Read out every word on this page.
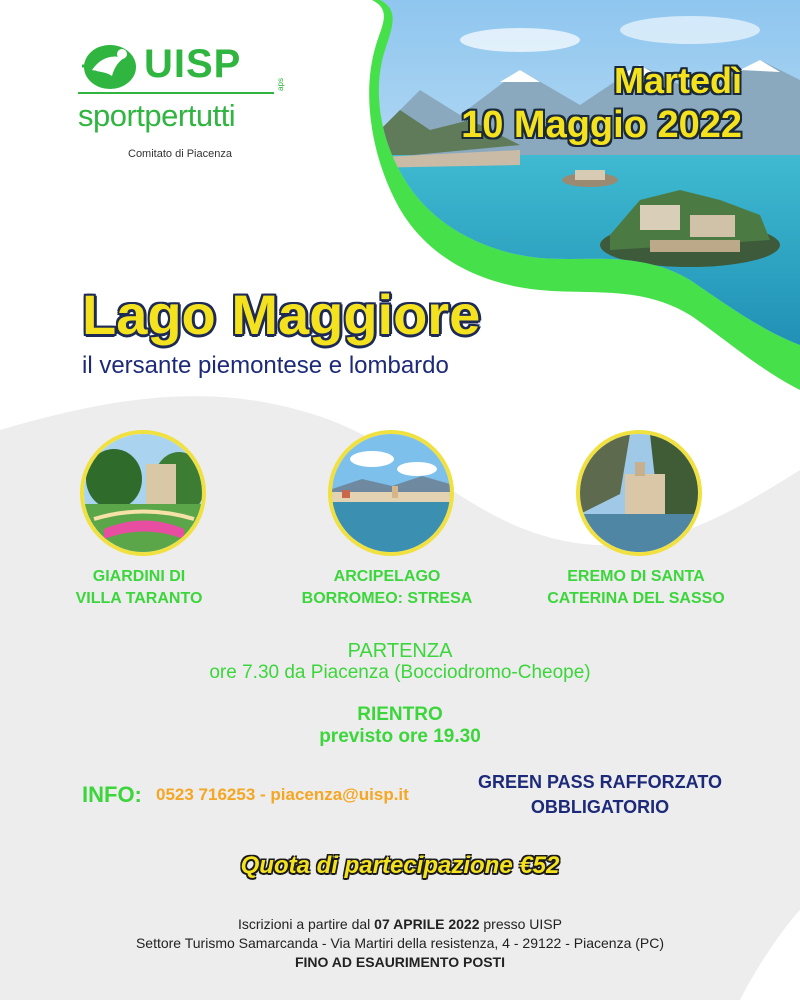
UISP	aps
sportpertutti
Comitato di Piacenza
Martedì
10 Maggio 2022
Lago Maggiore
il versante piemontese e lombardo
GIARDINI DI
VILLA TARANTO
ARCIPELAGO
BORROMEO: STRESA
EREMO DI SANTA
CATERINA DEL SASSO
PARTENZA
ore 7.30 da Piacenza (Bocciodromo-Cheope)
RIENTRO
previsto ore 19.30
INFO: 0523 716253 - piacenza@uisp.it
GREEN PASS RAFFORZATO
OBBLIGATORIO
Quota di partecipazione €52
Iscrizioni a partire dal 07 APRILE 2022 presso UISP
Settore Turismo Samarcanda - Via Martiri della resistenza, 4 - 29122 - Piacenza (PC)
FINO AD ESAURIMENTO POSTI
